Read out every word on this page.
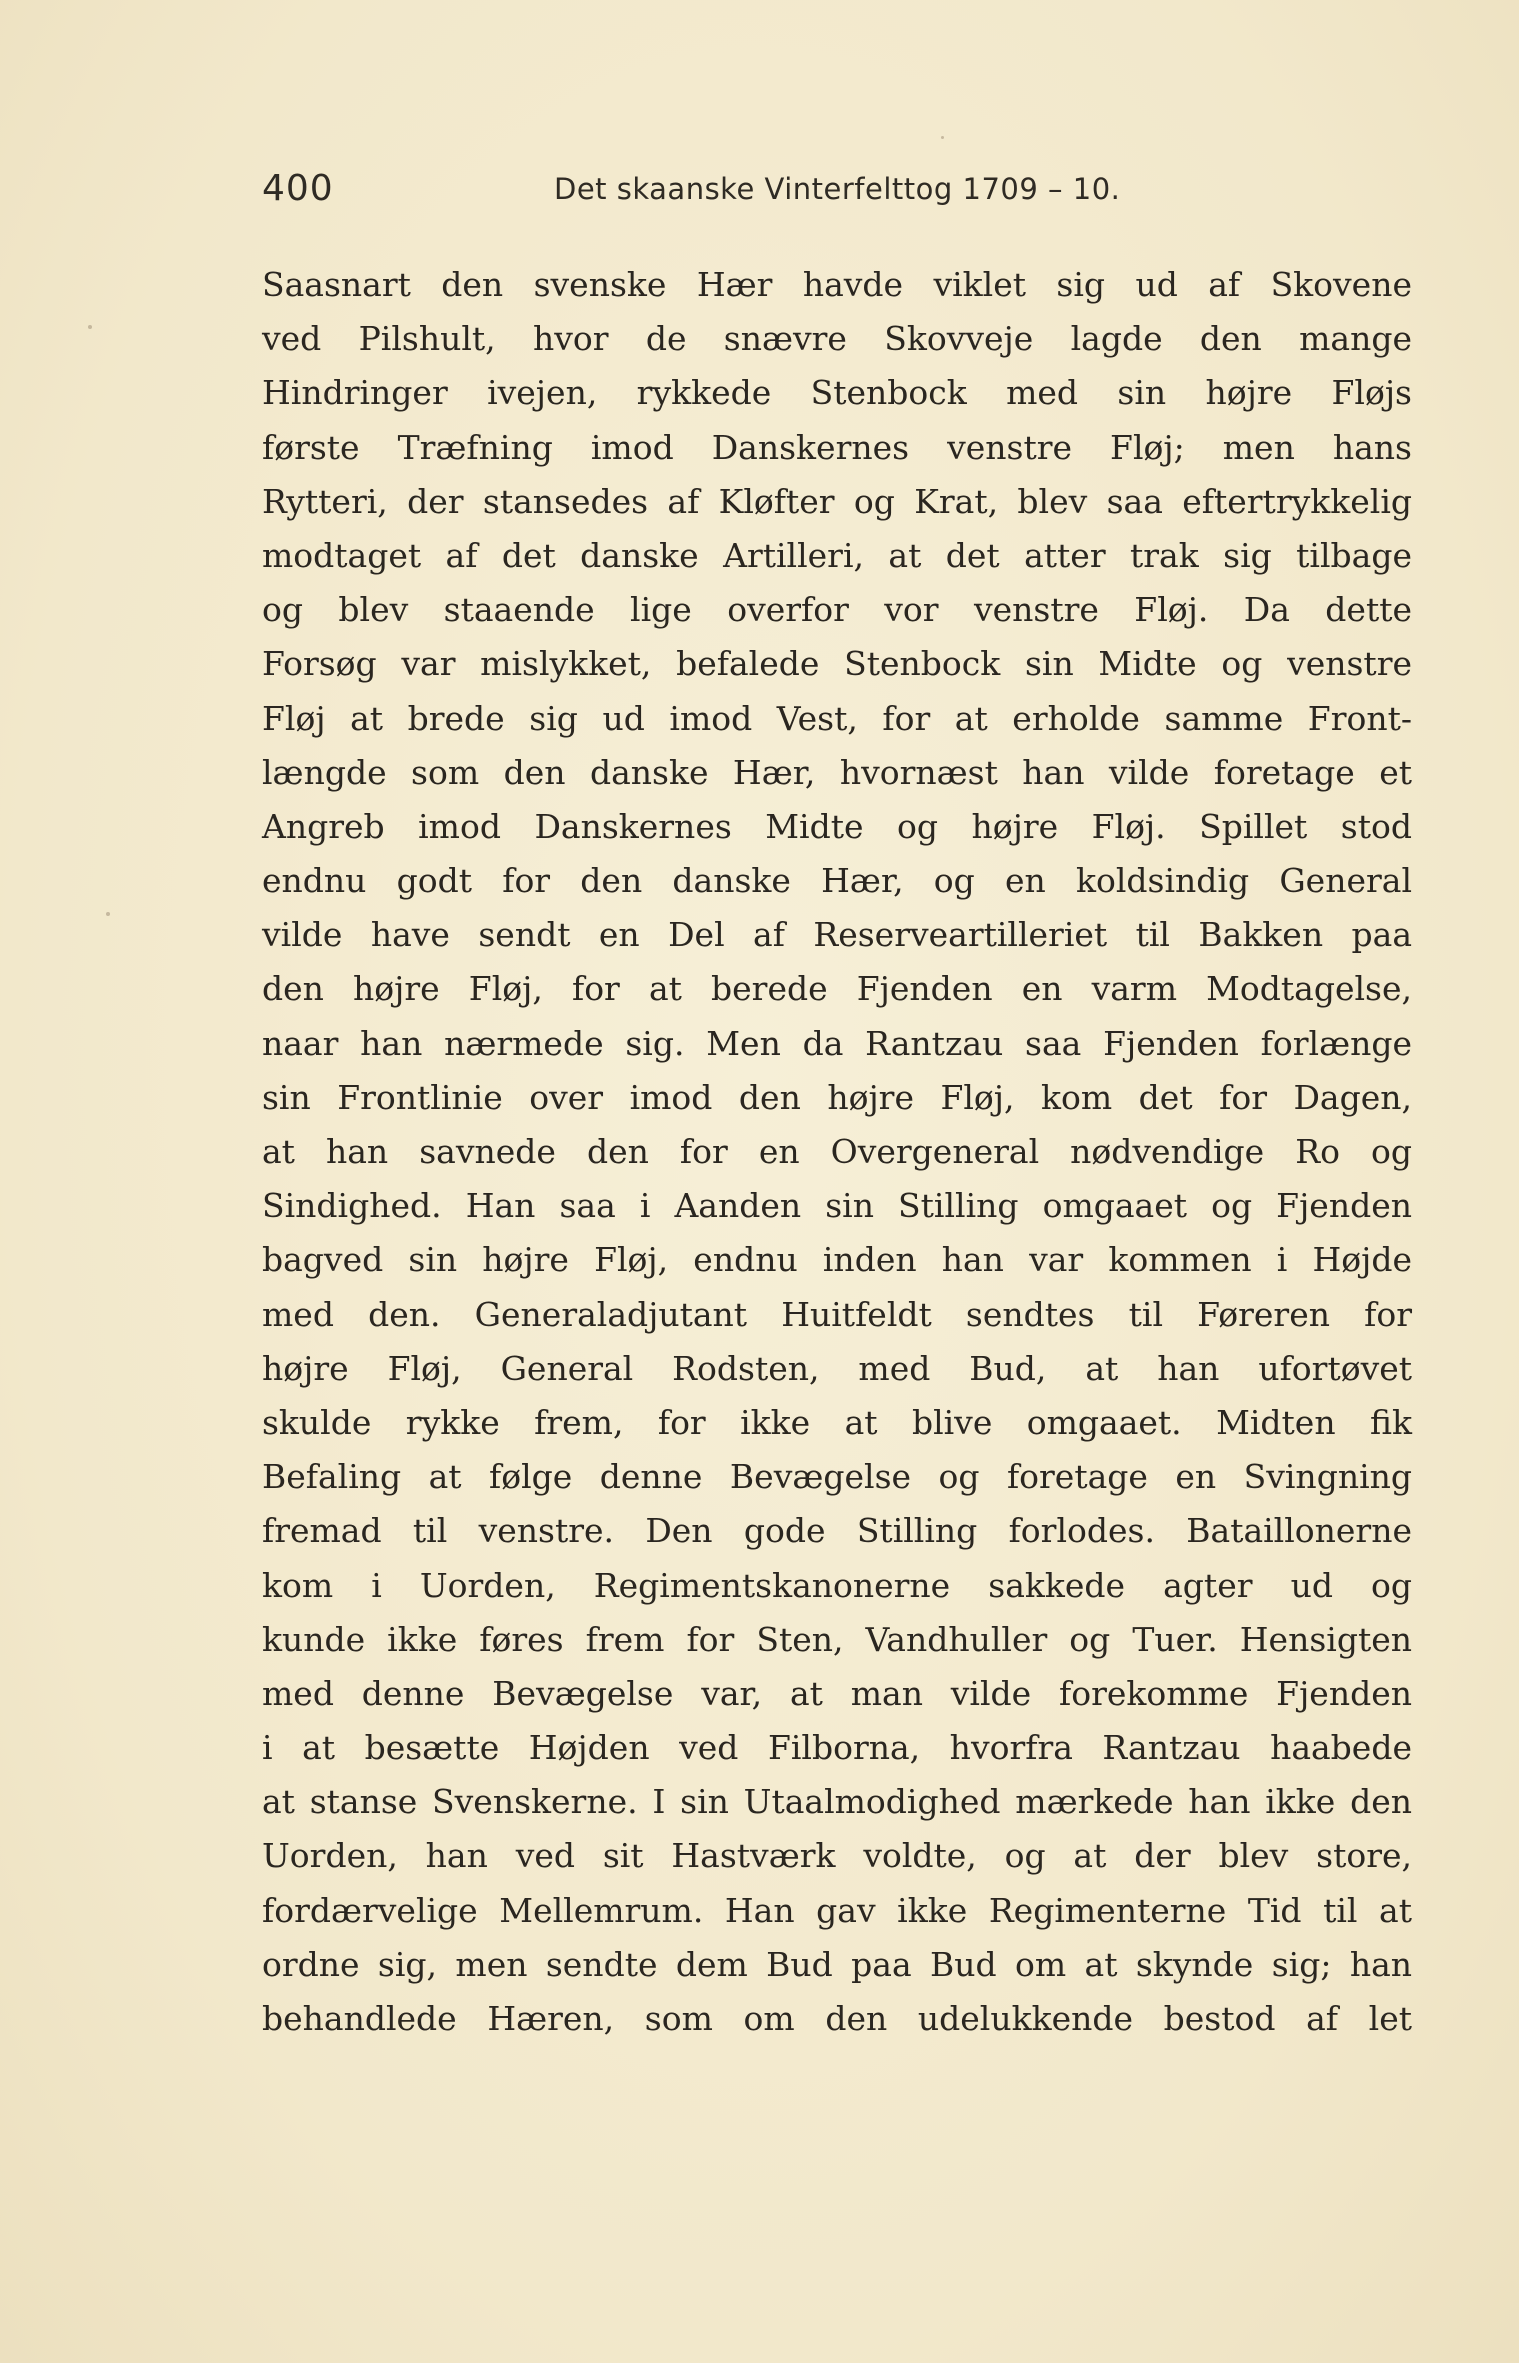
400	Det skaanske Vinterfelttog 1709 – 10.
Saasnart den svenske Hær havde viklet sig ud af Skovene
ved Pilshult, hvor de snævre Skovveje lagde den mange
Hindringer ivejen, rykkede Stenbock med sin højre Fløjs
første Træfning imod Danskernes venstre Fløj; men hans
Rytteri, der stansedes af Kløfter og Krat, blev saa eftertrykkelig
modtaget af det danske Artilleri, at det atter trak sig tilbage
og blev staaende lige overfor vor venstre Fløj. Da dette
Forsøg var mislykket, befalede Stenbock sin Midte og venstre
Fløj at brede sig ud imod Vest, for at erholde samme Front-
længde som den danske Hær, hvornæst han vilde foretage et
Angreb imod Danskernes Midte og højre Fløj. Spillet stod
endnu godt for den danske Hær, og en koldsindig General
vilde have sendt en Del af Reserveartilleriet til Bakken paa
den højre Fløj, for at berede Fjenden en varm Modtagelse,
naar han nærmede sig. Men da Rantzau saa Fjenden forlænge
sin Frontlinie over imod den højre Fløj, kom det for Dagen,
at han savnede den for en Overgeneral nødvendige Ro og
Sindighed. Han saa i Aanden sin Stilling omgaaet og Fjenden
bagved sin højre Fløj, endnu inden han var kommen i Højde
med den. Generaladjutant Huitfeldt sendtes til Føreren for
højre Fløj, General Rodsten, med Bud, at han ufortøvet
skulde rykke frem, for ikke at blive omgaaet. Midten fik
Befaling at følge denne Bevægelse og foretage en Svingning
fremad til venstre. Den gode Stilling forlodes. Bataillonerne
kom i Uorden, Regimentskanonerne sakkede agter ud og
kunde ikke føres frem for Sten, Vandhuller og Tuer. Hensigten
med denne Bevægelse var, at man vilde forekomme Fjenden
i at besætte Højden ved Filborna, hvorfra Rantzau haabede
at stanse Svenskerne. I sin Utaalmodighed mærkede han ikke den
Uorden, han ved sit Hastværk voldte, og at der blev store,
fordærvelige Mellemrum. Han gav ikke Regimenterne Tid til at
ordne sig, men sendte dem Bud paa Bud om at skynde sig; han
behandlede Hæren, som om den udelukkende bestod af let
